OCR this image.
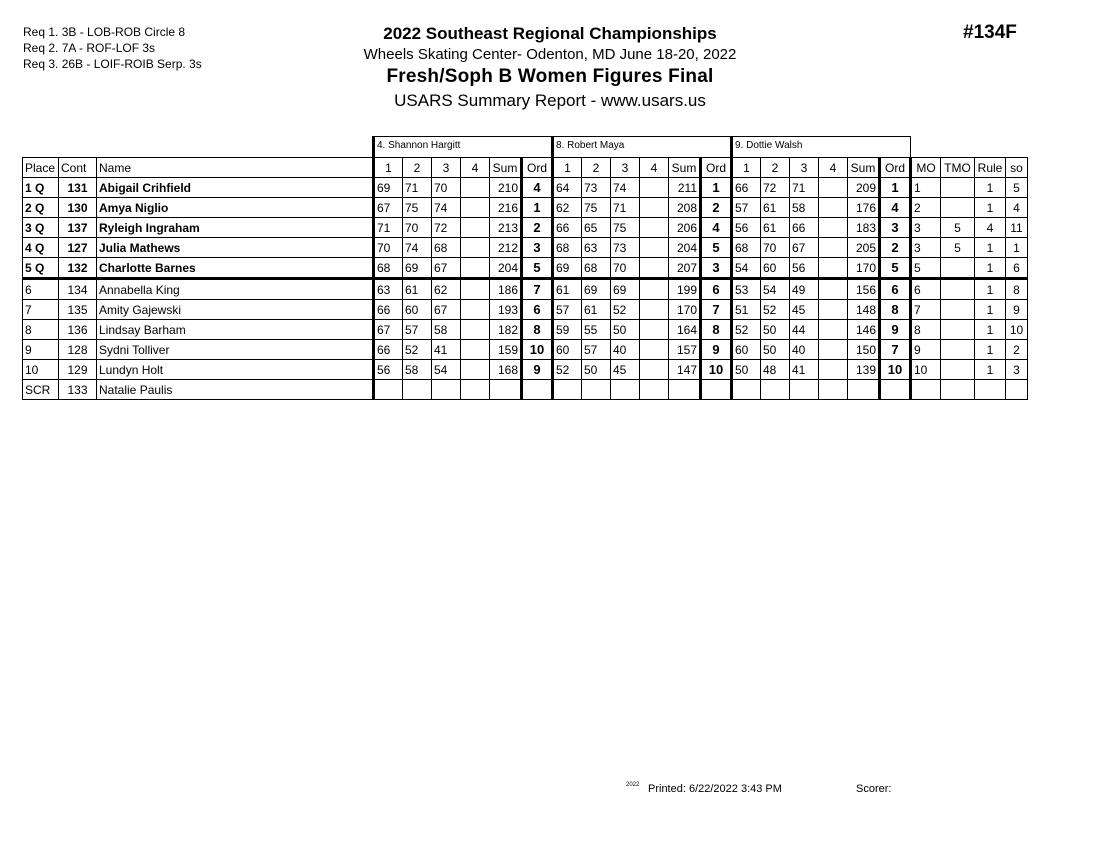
Req 1. 3B - LOB-ROB Circle 8
Req 2. 7A - ROF-LOF 3s
Req 3. 26B - LOIF-ROIB Serp. 3s
2022 Southeast Regional Championships
Wheels Skating Center- Odenton, MD June 18-20, 2022
Fresh/Soph B Women Figures Final
USARS Summary Report - www.usars.us
#134F
			4. Shannon Hargitt						8. Robert Maya						9. Dottie Walsh									
Place	Cont	Name	1	2	3	4	Sum	Ord	1	2	3	4	Sum	Ord	1	2	3	4	Sum	Ord	MO	TMO	Rule	so
1 Q	131	Abigail Crihfield	69	71	70		210	4	64	73	74		211	1	66	72	71		209	1	1		1	5
2 Q	130	Amya Niglio	67	75	74		216	1	62	75	71		208	2	57	61	58		176	4	2		1	4
3 Q	137	Ryleigh Ingraham	71	70	72		213	2	66	65	75		206	4	56	61	66		183	3	3	5	4	11
4 Q	127	Julia Mathews	70	74	68		212	3	68	63	73		204	5	68	70	67		205	2	3	5	1	1
5 Q	132	Charlotte Barnes	68	69	67		204	5	69	68	70		207	3	54	60	56		170	5	5		1	6
6	134	Annabella King	63	61	62		186	7	61	69	69		199	6	53	54	49		156	6	6		1	8
7	135	Amity Gajewski	66	60	67		193	6	57	61	52		170	7	51	52	45		148	8	7		1	9
8	136	Lindsay Barham	67	57	58		182	8	59	55	50		164	8	52	50	44		146	9	8		1	10
9	128	Sydni Tolliver	66	52	41		159	10	60	57	40		157	9	60	50	40		150	7	9		1	2
10	129	Lundyn Holt	56	58	54		168	9	52	50	45		147	10	50	48	41		139	10	10		1	3
SCR	133	Natalie Paulis																						
2022 Printed: 6/22/2022 3:43 PM	Scorer:
